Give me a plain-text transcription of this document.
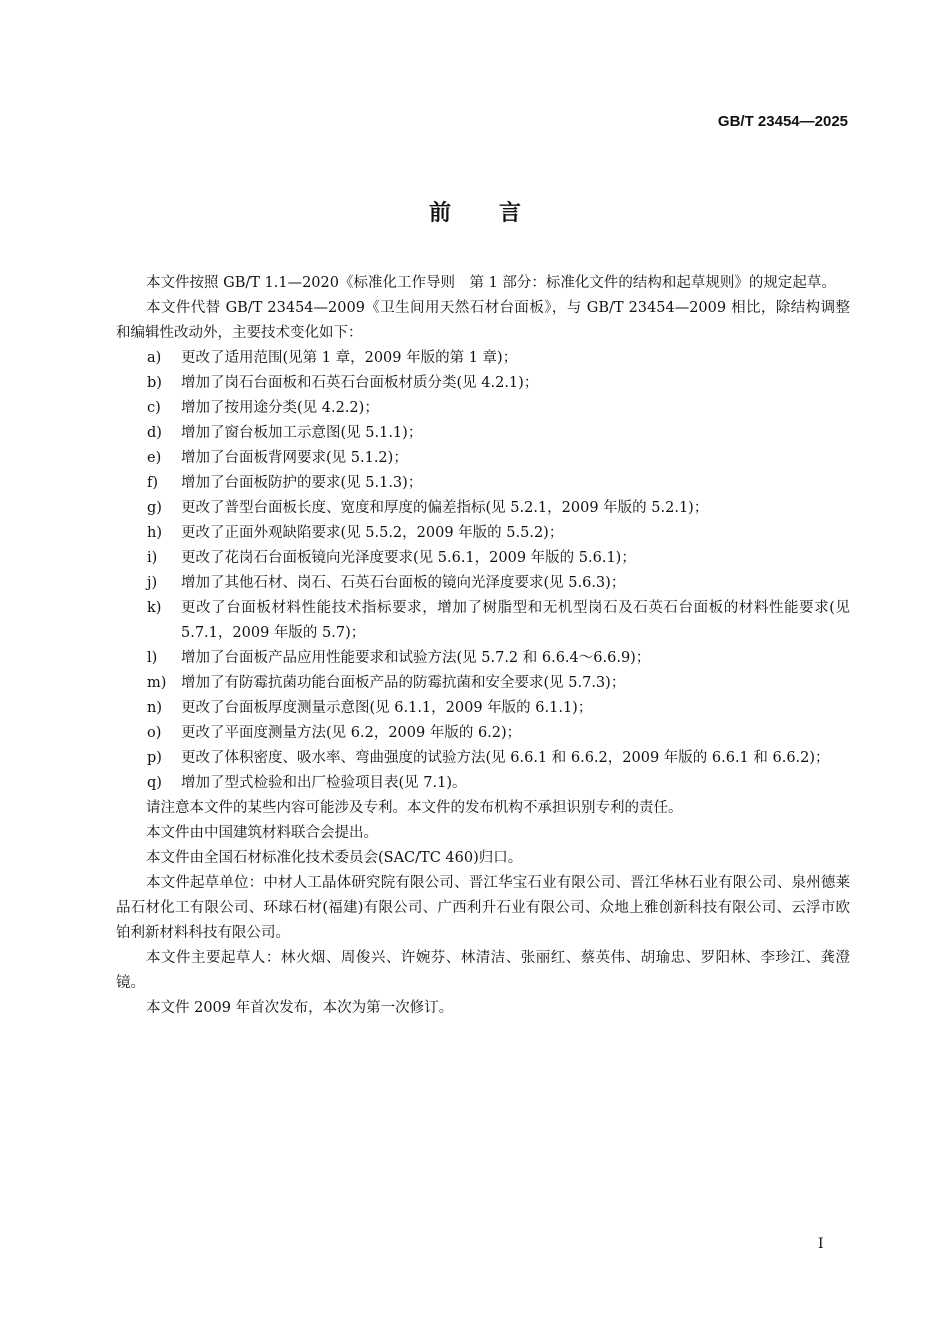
GB/T 23454—2025
前 言

本文件按照 GB/T 1.1—2020《标准化工作导则　第 1 部分：标准化文件的结构和起草规则》的规定起草。

本文件代替 GB/T 23454—2009《卫生间用天然石材台面板》，与 GB/T 23454—2009 相比，除结构调整和编辑性改动外，主要技术变化如下：

a)	更改了适用范围(见第 1 章，2009 年版的第 1 章)；
b)	增加了岗石台面板和石英石台面板材质分类(见 4.2.1)；
c)	增加了按用途分类(见 4.2.2)；
d)	增加了窗台板加工示意图(见 5.1.1)；
e)	增加了台面板背网要求(见 5.1.2)；
f)	增加了台面板防护的要求(见 5.1.3)；
g)	更改了普型台面板长度、宽度和厚度的偏差指标(见 5.2.1，2009 年版的 5.2.1)；
h)	更改了正面外观缺陷要求(见 5.5.2，2009 年版的 5.5.2)；
i)	更改了花岗石台面板镜向光泽度要求(见 5.6.1，2009 年版的 5.6.1)；
j)	增加了其他石材、岗石、石英石台面板的镜向光泽度要求(见 5.6.3)；
k)	更改了台面板材料性能技术指标要求，增加了树脂型和无机型岗石及石英石台面板的材料性能要求(见 5.7.1，2009 年版的 5.7)；
l)	增加了台面板产品应用性能要求和试验方法(见 5.7.2 和 6.6.4～6.6.9)；
m)	增加了有防霉抗菌功能台面板产品的防霉抗菌和安全要求(见 5.7.3)；
n)	更改了台面板厚度测量示意图(见 6.1.1，2009 年版的 6.1.1)；
o)	更改了平面度测量方法(见 6.2，2009 年版的 6.2)；
p)	更改了体积密度、吸水率、弯曲强度的试验方法(见 6.6.1 和 6.6.2，2009 年版的 6.6.1 和 6.6.2)；
q)	增加了型式检验和出厂检验项目表(见 7.1)。

请注意本文件的某些内容可能涉及专利。本文件的发布机构不承担识别专利的责任。

本文件由中国建筑材料联合会提出。

本文件由全国石材标准化技术委员会(SAC/TC 460)归口。

本文件起草单位：中材人工晶体研究院有限公司、晋江华宝石业有限公司、晋江华林石业有限公司、泉州德莱品石材化工有限公司、环球石材(福建)有限公司、广西利升石业有限公司、众地上雅创新科技有限公司、云浮市欧铂利新材料科技有限公司。

本文件主要起草人：林火烟、周俊兴、许婉芬、林清洁、张丽红、蔡英伟、胡瑜忠、罗阳林、李珍江、龚澄镜。

本文件 2009 年首次发布，本次为第一次修订。

I
